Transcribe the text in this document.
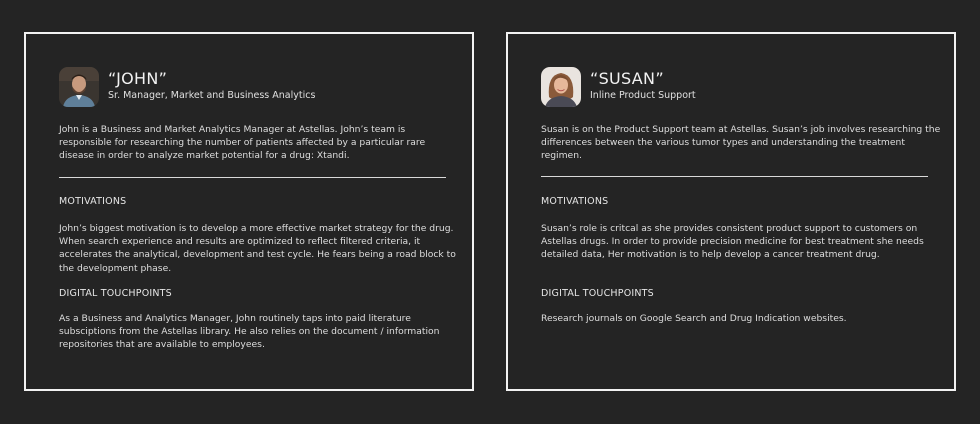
“JOHN”
Sr. Manager, Market and Business Analytics
John is a Business and Market Analytics Manager at Astellas. John’s team is responsible for researching the number of patients affected by a particular rare disease in order to analyze market potential for a drug: Xtandi.
MOTIVATIONS
John’s biggest motivation is to develop a more effective market strategy for the drug. When search experience and results are optimized to reflect filtered criteria, it accelerates the analytical, development and test cycle. He fears being a road block to the development phase.
DIGITAL TOUCHPOINTS
As a Business and Analytics Manager, John routinely taps into paid literature subsciptions from the Astellas library. He also relies on the document / information repositories that are available to employees.
“SUSAN”
Inline Product Support
Susan is on the Product Support team at Astellas. Susan’s job involves researching the differences between the various tumor types and understanding the treatment regimen.
MOTIVATIONS
Susan’s role is critcal as she provides consistent product support to customers on Astellas drugs. In order to provide precision medicine for best treatment she needs detailed data, Her motivation is to help develop a cancer treatment drug.
DIGITAL TOUCHPOINTS
Research journals on Google Search and Drug Indication websites.
